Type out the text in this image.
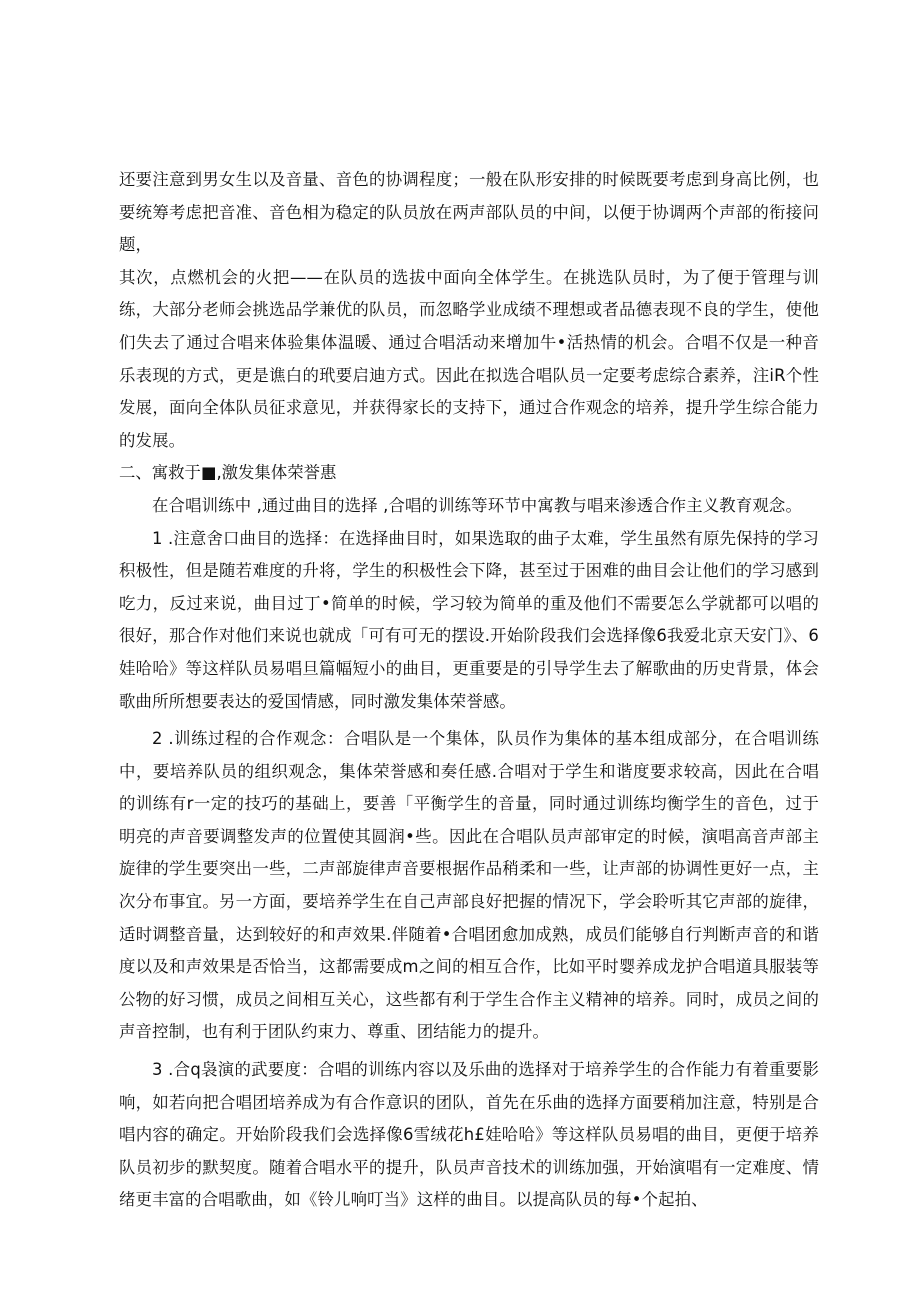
还要注意到男女生以及音量、音色的协调程度；一般在队形安排的时候既要考虑到身高比例，也要统筹考虑把音准、音色相为稳定的队员放在两声部队员的中间，以便于协调两个声部的衔接问题，

其次，点燃机会的火把——在队员的选拔中面向全体学生。在挑选队员时，为了便于管理与训练，大部分老师会挑选品学兼优的队员，而忽略学业成绩不理想或者品德表现不良的学生，使他们失去了通过合唱来体验集体温暖、通过合唱活动来增加牛•活热情的机会。合唱不仅是一种音乐表现的方式，更是谯白的玳要启迪方式。因此在拟选合唱队员一定要考虑综合素养，注iR个性发展，面向全体队员征求意见，并获得家长的支持下，通过合作观念的培养，提升学生综合能力的发展。

二、寓救于■,激发集体荣誉惠

在合唱训练中 ,通过曲目的选择 ,合唱的训练等环节中寓教与唱来渗透合作主义教育观念。

1 .注意舍口曲目的选择：在选择曲目时，如果选取的曲子太难，学生虽然有原先保持的学习积极性，但是随若难度的升将，学生的积极性会下降，甚至过于困难的曲目会让他们的学习感到吃力，反过来说，曲目过丁•简单的时候，学习较为简单的重及他们不需要怎么学就都可以唱的很好，那合作对他们来说也就成「可有可无的摆设.开始阶段我们会选择像6我爱北京天安门》、6娃哈哈》等这样队员易唱旦篇幅短小的曲目，更重要是的引导学生去了解歌曲的历史背景，体会歌曲所所想要表达的爱国情感，同时激发集体荣誉感。

2 .训练过程的合作观念：合唱队是一个集体，队员作为集体的基本组成部分，在合唱训练中，要培养队员的组织观念，集体荣誉感和奏任感.合唱对于学生和谐度要求较高，因此在合唱的训练有r一定的技巧的基础上，要善「平衡学生的音量，同时通过训练均衡学生的音色，过于明亮的声音要调整发声的位置使其圆润•些。因此在合唱队员声部审定的时候，演唱高音声部主旋律的学生要突出一些，二声部旋律声音要根据作品稍柔和一些，让声部的协调性更好一点，主次分布事宜。另一方面，要培养学生在自己声部良好把握的情况下，学会聆听其它声部的旋律，适时调整音量，达到较好的和声效果.伴随着•合唱团愈加成熟，成员们能够自行判断声音的和谐度以及和声效果是否恰当，这都需要成m之间的相互合作，比如平时婴养成龙护合唱道具服装等公物的好习惯，成员之间相互关心，这些都有利于学生合作主义精神的培养。同时，成员之间的声音控制，也有利于团队约束力、尊重、团结能力的提升。

3 .合q袅演的武要度：合唱的训练内容以及乐曲的选择对于培养学生的合作能力有着重要影响，如若向把合唱团培养成为有合作意识的团队，首先在乐曲的选择方面要稍加注意，特别是合唱内容的确定。开始阶段我们会选择像6雪绒花h£娃哈哈》等这样队员易唱的曲目，更便于培养队员初步的默契度。随着合唱水平的提升，队员声音技术的训练加强，开始演唱有一定难度、情绪更丰富的合唱歌曲，如《铃儿响叮当》这样的曲目。以提高队员的每•个起拍、
